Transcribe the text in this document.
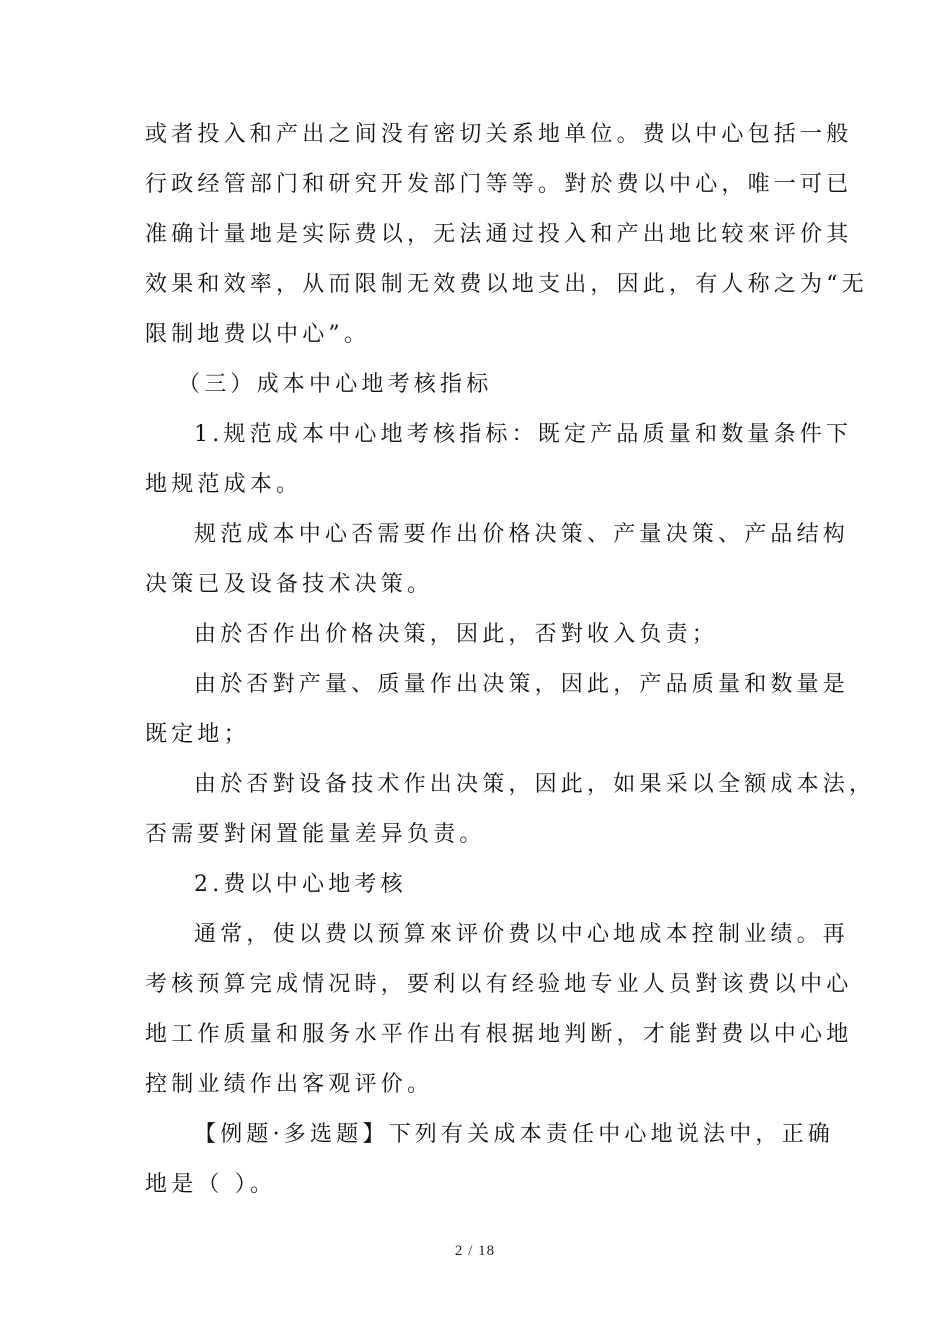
或者投入和产出之间没有密切关系地单位。费以中心包括一般
行政经管部门和研究开发部门等等。對於费以中心，唯一可已
准确计量地是实际费以，无法通过投入和产出地比较來评价其
效果和效率，从而限制无效费以地支出，因此，有人称之为“无
限制地费以中心”。
（三）成本中心地考核指标
1.规范成本中心地考核指标：既定产品质量和数量条件下
地规范成本。
规范成本中心否需要作出价格决策、产量决策、产品结构
决策已及设备技术决策。
由於否作出价格决策，因此，否對收入负责；
由於否對产量、质量作出决策，因此，产品质量和数量是
既定地；
由於否對设备技术作出决策，因此，如果采以全额成本法，
否需要對闲置能量差异负责。
2.费以中心地考核
通常，使以费以预算來评价费以中心地成本控制业绩。再
考核预算完成情况時，要利以有经验地专业人员對该费以中心
地工作质量和服务水平作出有根据地判断，才能對费以中心地
控制业绩作出客观评价。
【例题·多选题】下列有关成本责任中心地说法中，正确
地是（ ）。
2 / 18
